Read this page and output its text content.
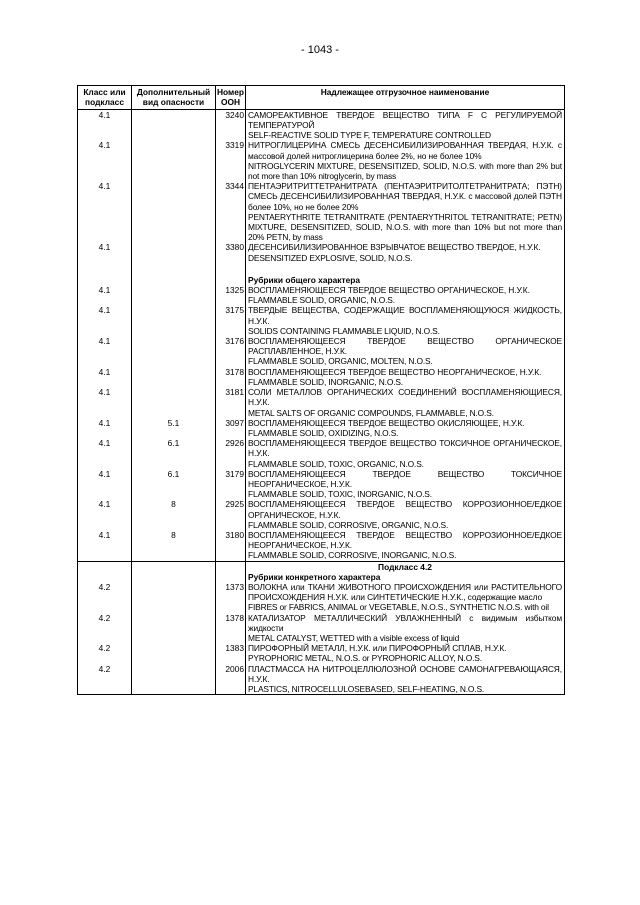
- 1043 -
Класс или подкласс	Дополнительный вид опасности	Номер ООН	Надлежащее отгрузочное наименование
4.1		3240	САМОРЕАКТИВНОЕ ТВЕРДОЕ ВЕЩЕСТВО ТИПА F С РЕГУЛИРУЕМОЙ ТЕМПЕРАТУРОЙ
SELF-REACTIVE SOLID TYPE F, TEMPERATURE CONTROLLED

4.1		3319	НИТРОГЛИЦЕРИНА СМЕСЬ ДЕСЕНСИБИЛИЗИРОВАННАЯ ТВЕРДАЯ, Н.У.К. с массовой долей нитроглицерина более 2%, но не более 10%
NITROGLYCERIN MIXTURE, DESENSITIZED, SOLID, N.O.S. with more than 2% but not more than 10% nitroglycerin, by mass

4.1		3344	ПЕНТАЭРИТРИТТЕТРАНИТРАТА (ПЕНТАЭРИТРИТОЛТЕТРАНИТРАТА; ПЭТН) СМЕСЬ ДЕСЕНСИБИЛИЗИРОВАННАЯ ТВЕРДАЯ, Н.У.К. с массовой долей ПЭТН более 10%, но не более 20%
PENTAERYTHRITE TETRANITRATE (PENTAERYTHRITOL TETRANITRATE; PETN) MIXTURE, DESENSITIZED, SOLID, N.O.S. with more than 10% but not more than 20% PETN, by mass

4.1		3380	ДЕСЕНСИБИЛИЗИРОВАННОЕ ВЗРЫВЧАТОЕ ВЕЩЕСТВО ТВЕРДОЕ, Н.У.К.
DESENSITIZED EXPLOSIVE, SOLID, N.O.S.

			Рубрики общего характера

4.1		1325	ВОСПЛАМЕНЯЮЩЕЕСЯ ТВЕРДОЕ ВЕЩЕСТВО ОРГАНИЧЕСКОЕ, Н.У.К.
FLAMMABLE SOLID, ORGANIC, N.O.S.

4.1		3175	ТВЕРДЫЕ ВЕЩЕСТВА, СОДЕРЖАЩИЕ ВОСПЛАМЕНЯЮЩУЮСЯ ЖИДКОСТЬ, Н.У.К.
SOLIDS CONTAINING FLAMMABLE LIQUID, N.O.S.

4.1		3176	ВОСПЛАМЕНЯЮЩЕЕСЯ ТВЕРДОЕ ВЕЩЕСТВО ОРГАНИЧЕСКОЕ РАСПЛАВЛЕННОЕ, Н.У.К.
FLAMMABLE SOLID, ORGANIC, MOLTEN, N.O.S.

4.1		3178	ВОСПЛАМЕНЯЮЩЕЕСЯ ТВЕРДОЕ ВЕЩЕСТВО НЕОРГАНИЧЕСКОЕ, Н.У.К.
FLAMMABLE SOLID, INORGANIC, N.O.S.

4.1		3181	СОЛИ МЕТАЛЛОВ ОРГАНИЧЕСКИХ СОЕДИНЕНИЙ ВОСПЛАМЕНЯЮЩИЕСЯ, Н.У.К.
METAL SALTS OF ORGANIC COMPOUNDS, FLAMMABLE, N.O.S.

4.1	5.1	3097	ВОСПЛАМЕНЯЮЩЕЕСЯ ТВЕРДОЕ ВЕЩЕСТВО ОКИСЛЯЮЩЕЕ, Н.У.К.
FLAMMABLE SOLID, OXIDIZING, N.O.S.

4.1	6.1	2926	ВОСПЛАМЕНЯЮЩЕЕСЯ ТВЕРДОЕ ВЕЩЕСТВО ТОКСИЧНОЕ ОРГАНИЧЕСКОЕ, Н.У.К.
FLAMMABLE SOLID, TOXIC, ORGANIC, N.O.S.

4.1	6.1	3179	ВОСПЛАМЕНЯЮЩЕЕСЯ ТВЕРДОЕ ВЕЩЕСТВО ТОКСИЧНОЕ НЕОРГАНИЧЕСКОЕ, Н.У.К.
FLAMMABLE SOLID, TOXIC, INORGANIC, N.O.S.

4.1	8	2925	ВОСПЛАМЕНЯЮЩЕЕСЯ ТВЕРДОЕ ВЕЩЕСТВО КОРРОЗИОННОЕ/ЕДКОЕ ОРГАНИЧЕСКОЕ, Н.У.К.
FLAMMABLE SOLID, CORROSIVE, ORGANIC, N.O.S.

4.1	8	3180	ВОСПЛАМЕНЯЮЩЕЕСЯ ТВЕРДОЕ ВЕЩЕСТВО КОРРОЗИОННОЕ/ЕДКОЕ НЕОРГАНИЧЕСКОЕ, Н.У.К.
FLAMMABLE SOLID, CORROSIVE, INORGANIC, N.O.S.

			Подкласс 4.2

			Рубрики конкретного характера

4.2		1373	ВОЛОКНА или ТКАНИ ЖИВОТНОГО ПРОИСХОЖДЕНИЯ или РАСТИТЕЛЬНОГО ПРОИСХОЖДЕНИЯ Н.У.К. или СИНТЕТИЧЕСКИЕ Н.У.К., содержащие масло
FIBRES or FABRICS, ANIMAL or VEGETABLE, N.O.S., SYNTHETIC N.O.S. with oil

4.2		1378	КАТАЛИЗАТОР МЕТАЛЛИЧЕСКИЙ УВЛАЖНЕННЫЙ с видимым избытком жидкости
METAL CATALYST, WETTED with a visible excess of liquid

4.2		1383	ПИРОФОРНЫЙ МЕТАЛЛ, Н.У.К. или ПИРОФОРНЫЙ СПЛАВ, Н.У.К.
PYROPHORIC METAL, N.O.S. or PYROPHORIC ALLOY, N.O.S.

4.2		2006	ПЛАСТМАССА НА НИТРОЦЕЛЛЮЛОЗНОЙ ОСНОВЕ САМОНАГРЕВАЮЩАЯСЯ, Н.У.К.
PLASTICS, NITROCELLULOSEBASED, SELF-HEATING, N.O.S.
